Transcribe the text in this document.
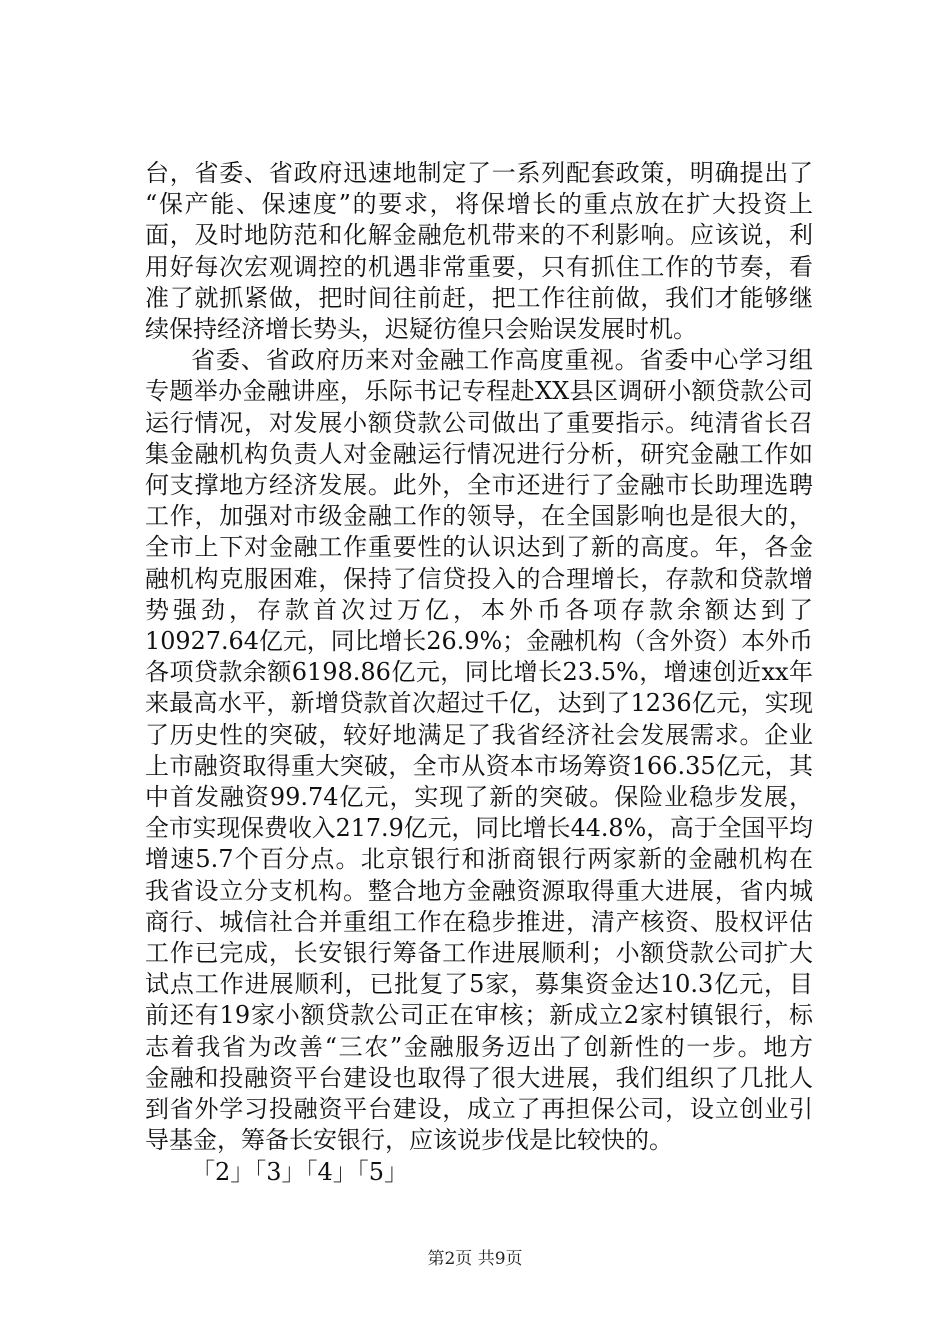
台，省委、省政府迅速地制定了一系列配套政策，明确提出了
“保产能、保速度”的要求，将保增长的重点放在扩大投资上
面，及时地防范和化解金融危机带来的不利影响。应该说，利
用好每次宏观调控的机遇非常重要，只有抓住工作的节奏，看
准了就抓紧做，把时间往前赶，把工作往前做，我们才能够继
续保持经济增长势头，迟疑彷徨只会贻误发展时机。
省委、省政府历来对金融工作高度重视。省委中心学习组
专题举办金融讲座，乐际书记专程赴XX县区调研小额贷款公司
运行情况，对发展小额贷款公司做出了重要指示。纯清省长召
集金融机构负责人对金融运行情况进行分析，研究金融工作如
何支撑地方经济发展。此外，全市还进行了金融市长助理选聘
工作，加强对市级金融工作的领导，在全国影响也是很大的，
全市上下对金融工作重要性的认识达到了新的高度。年，各金
融机构克服困难，保持了信贷投入的合理增长，存款和贷款增
势强劲，存款首次过万亿，本外币各项存款余额达到了
10927.64亿元，同比增长26.9%；金融机构（含外资）本外币
各项贷款余额6198.86亿元，同比增长23.5%，增速创近xx年
来最高水平，新增贷款首次超过千亿，达到了1236亿元，实现
了历史性的突破，较好地满足了我省经济社会发展需求。企业
上市融资取得重大突破，全市从资本市场筹资166.35亿元，其
中首发融资99.74亿元，实现了新的突破。保险业稳步发展，
全市实现保费收入217.9亿元，同比增长44.8%，高于全国平均
增速5.7个百分点。北京银行和浙商银行两家新的金融机构在
我省设立分支机构。整合地方金融资源取得重大进展，省内城
商行、城信社合并重组工作在稳步推进，清产核资、股权评估
工作已完成，长安银行筹备工作进展顺利；小额贷款公司扩大
试点工作进展顺利，已批复了5家，募集资金达10.3亿元，目
前还有19家小额贷款公司正在审核；新成立2家村镇银行，标
志着我省为改善“三农”金融服务迈出了创新性的一步。地方
金融和投融资平台建设也取得了很大进展，我们组织了几批人
到省外学习投融资平台建设，成立了再担保公司，设立创业引
导基金，筹备长安银行，应该说步伐是比较快的。
「2」「3」「4」「5」
第2页 共9页
